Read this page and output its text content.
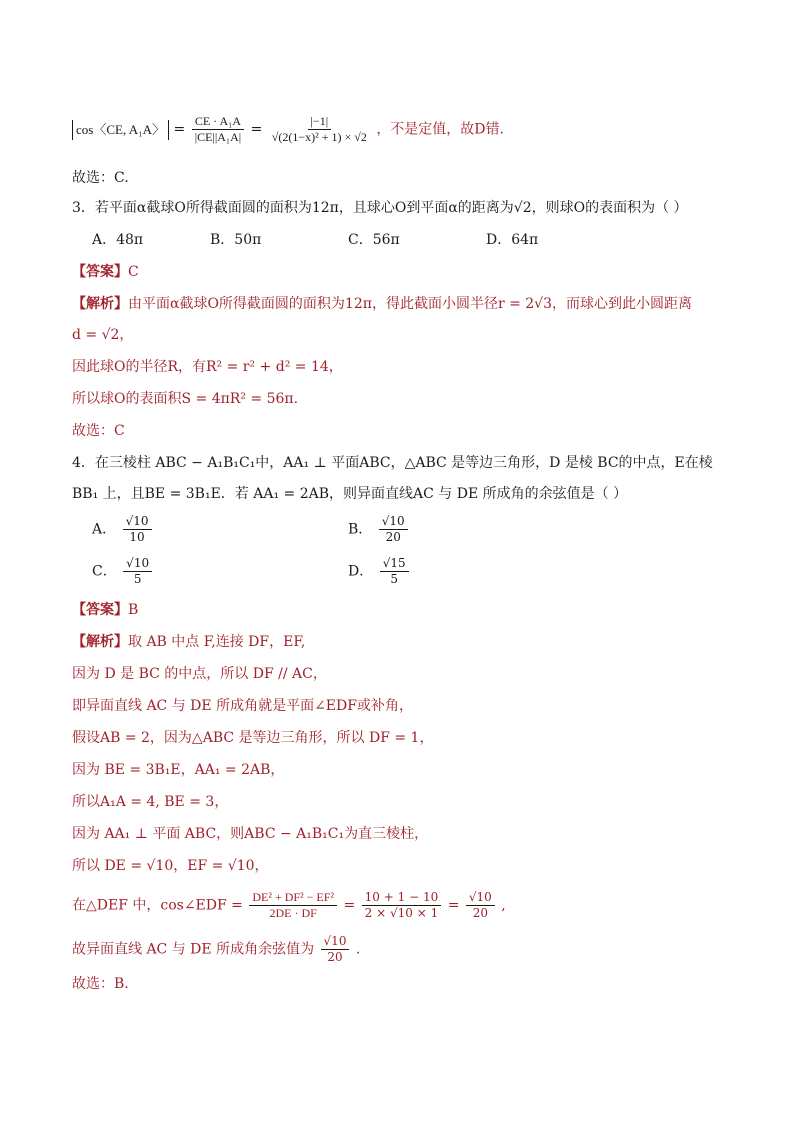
cos〈CE, A₁A〉 = $\frac{\text{CE · A₁A}}{\text{|CE||A₁A|}} = \frac{|-1|}{\text{√(2(1−x)² + 1) × √2}}$ ，不是定值，故D错.
故选：C.
3．若平面α截球O所得截面圆的面积为12π，且球心O到平面α的距离为√2，则球O的表面积为（ ）
A．48π	B．50π	C．56π	D．64π
【答案】C
【解析】由平面α截球O所得截面圆的面积为12π，得此截面小圆半径r = 2√3，而球心到此小圆距离
d = √2，
因此球O的半径R，有R² = r² + d² = 14，
所以球O的表面积S = 4πR² = 56π.
故选：C
4．在三棱柱 ABC − A₁B₁C₁中，AA₁ ⊥ 平面ABC，△ABC 是等边三角形，D 是棱 BC的中点，E在棱
BB₁ 上，且BE = 3B₁E．若 AA₁ = 2AB，则异面直线AC 与 DE 所成角的余弦值是（ ）
A． $\frac{√10}{10}$	B． $\frac{√10}{20}$
C． $\frac{√10}{5}$	D． $\frac{√15}{5}$
【答案】B
【解析】取 AB 中点 F,连接 DF，EF,
因为 D 是 BC 的中点，所以 DF // AC，
即异面直线 AC 与 DE 所成角就是平面∠EDF或补角，
假设AB = 2，因为△ABC 是等边三角形，所以 DF = 1，
因为 BE = 3B₁E，AA₁ = 2AB，
所以A₁A = 4, BE = 3，
因为 AA₁ ⊥ 平面 ABC，则ABC − A₁B₁C₁为直三棱柱，
所以 DE = √10，EF = √10，
在△DEF 中，cos∠EDF = $\frac{\text{DE² + DF² − EF²}}{2DE \cdot DF} = \frac{10 + 1 - 10}{2 \times √10 \times 1} = \frac{√10}{20}$ ,
故异面直线 AC 与 DE 所成角余弦值为 $\frac{√10}{20}$ .
故选：B.
